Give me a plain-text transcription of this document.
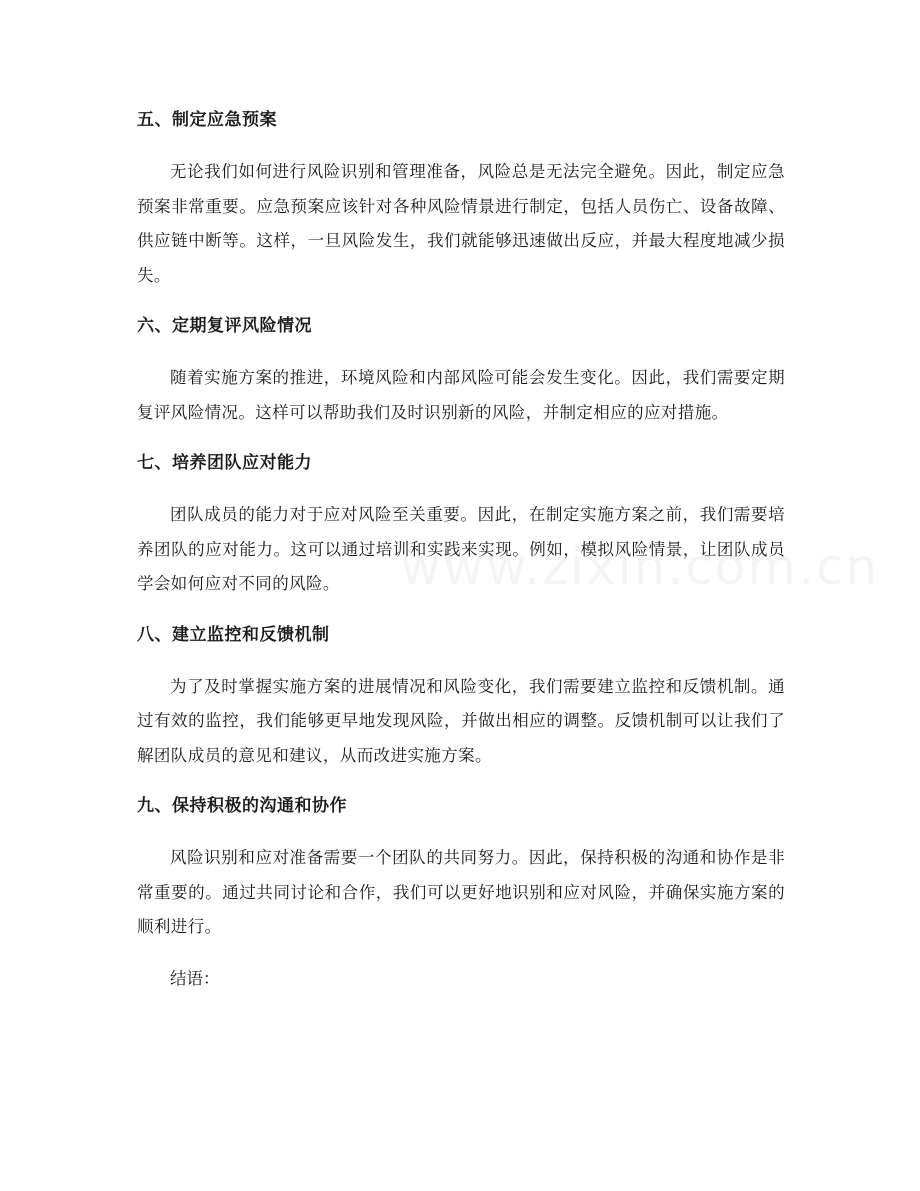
五、制定应急预案

无论我们如何进行风险识别和管理准备，风险总是无法完全避免。因此，制定应急预案非常重要。应急预案应该针对各种风险情景进行制定，包括人员伤亡、设备故障、供应链中断等。这样，一旦风险发生，我们就能够迅速做出反应，并最大程度地减少损失。

六、定期复评风险情况

随着实施方案的推进，环境风险和内部风险可能会发生变化。因此，我们需要定期复评风险情况。这样可以帮助我们及时识别新的风险，并制定相应的应对措施。

七、培养团队应对能力

团队成员的能力对于应对风险至关重要。因此，在制定实施方案之前，我们需要培养团队的应对能力。这可以通过培训和实践来实现。例如，模拟风险情景，让团队成员学会如何应对不同的风险。

八、建立监控和反馈机制

为了及时掌握实施方案的进展情况和风险变化，我们需要建立监控和反馈机制。通过有效的监控，我们能够更早地发现风险，并做出相应的调整。反馈机制可以让我们了解团队成员的意见和建议，从而改进实施方案。

九、保持积极的沟通和协作

风险识别和应对准备需要一个团队的共同努力。因此，保持积极的沟通和协作是非常重要的。通过共同讨论和合作，我们可以更好地识别和应对风险，并确保实施方案的顺利进行。

结语：
